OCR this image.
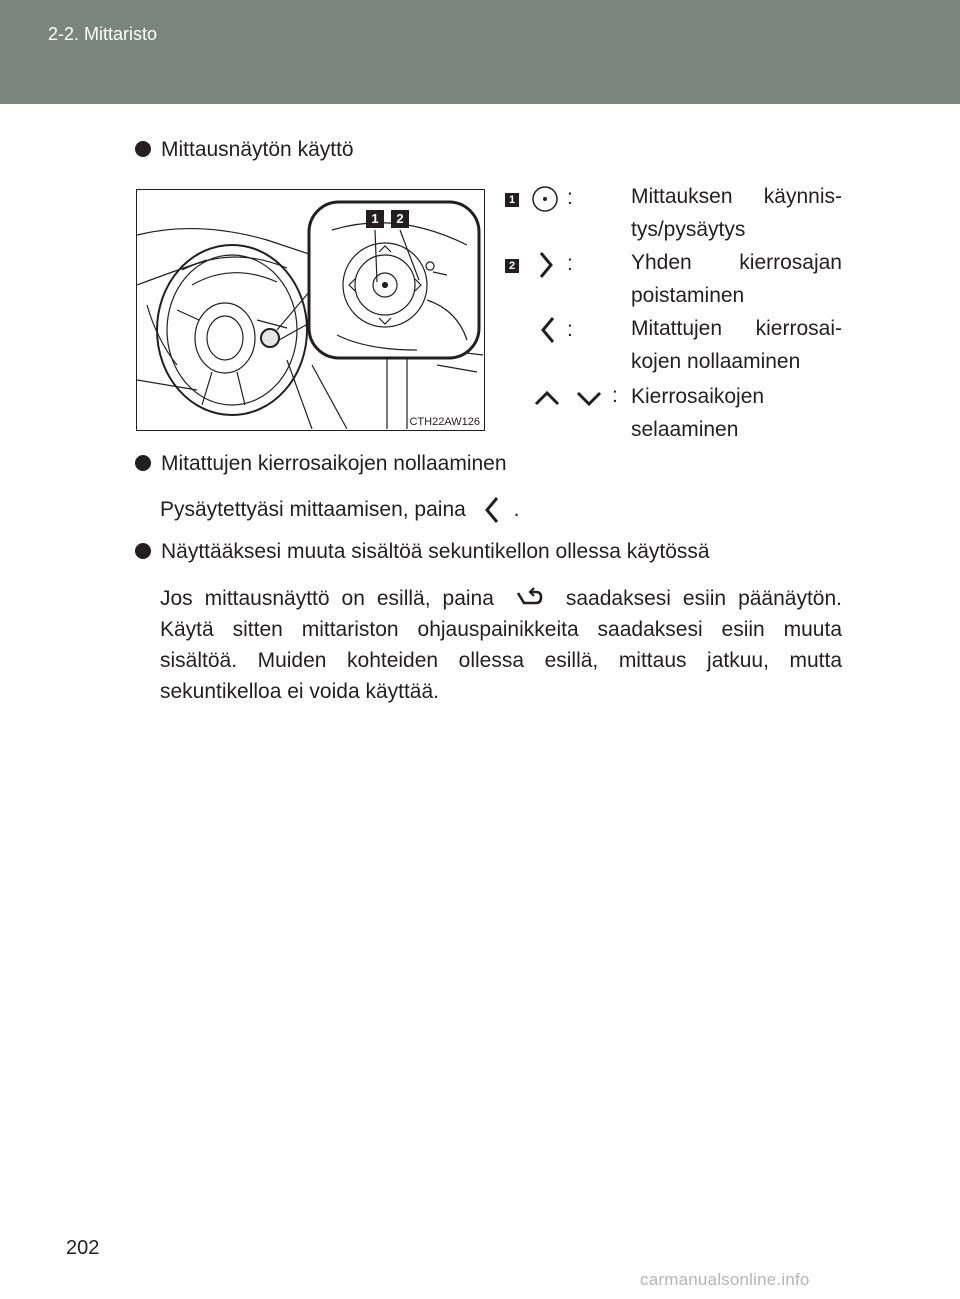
2-2. Mittaristo
Mittausnäytön käyttö
1	2
CTH22AW126
1 :	Mittauksen käynnis-
tys/pysäytys
2 :	Yhden kierrosajan
poistaminen
:	Mitattujen kierrosai-
kojen nollaaminen
: Kierrosaikojen
selaaminen
Mitattujen kierrosaikojen nollaaminen
Pysäytettyäsi mittaamisen, paina .
Näyttääksesi muuta sisältöä sekuntikellon ollessa käytössä
Jos mittausnäyttö on esillä, paina	saadaksesi esiin päänäytön. Käytä sitten mittariston ohjauspainikkeita saadaksesi esiin muuta sisältöä. Muiden kohteiden ollessa esillä, mittaus jatkuu, mutta sekuntikelloa ei voida käyttää.
202
carmanualsonline.info
